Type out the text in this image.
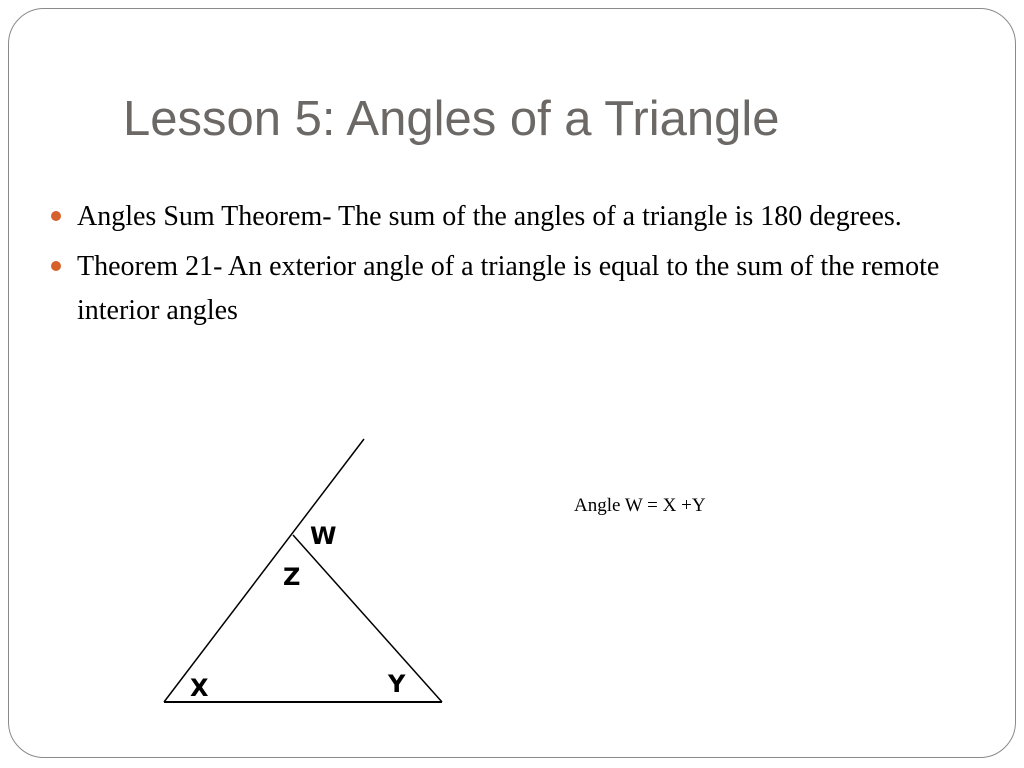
Lesson 5: Angles of a Triangle
Angles Sum Theorem- The sum of the angles of a triangle is 180 degrees.
Theorem 21- An exterior angle of a triangle is equal to the sum of the remote interior angles
Angle W = X +Y
W
Z
X	Y
